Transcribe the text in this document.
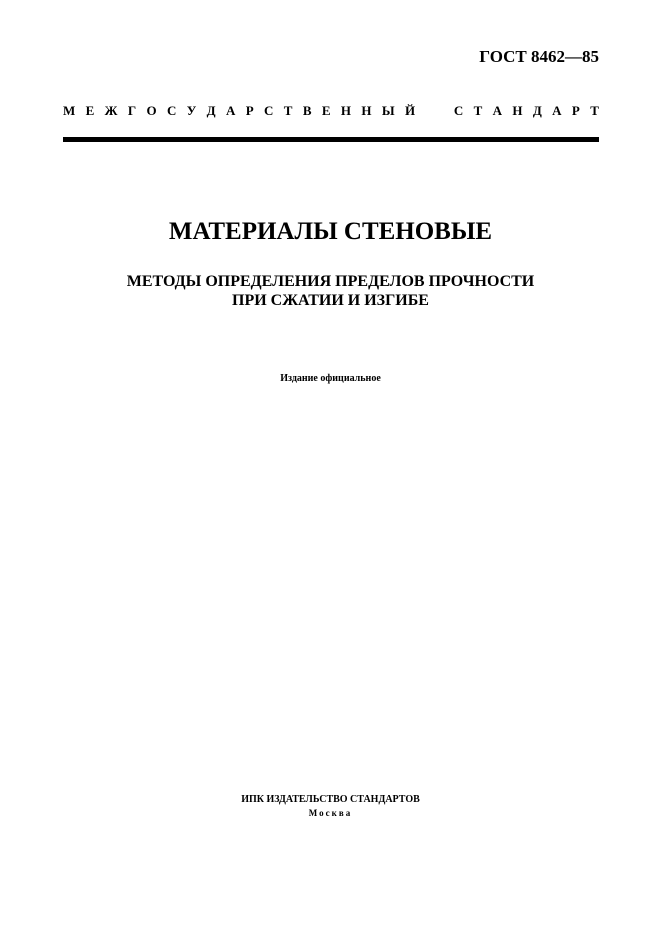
ГОСТ 8462—85
М Е Ж Г О С У Д А Р С Т В Е Н Н Ы Й	С Т А Н Д А Р Т
МАТЕРИАЛЫ СТЕНОВЫЕ
МЕТОДЫ ОПРЕДЕЛЕНИЯ ПРЕДЕЛОВ ПРОЧНОСТИ
ПРИ СЖАТИИ И ИЗГИБЕ
Издание официальное
ИПК ИЗДАТЕЛЬСТВО СТАНДАРТОВ
Москва
